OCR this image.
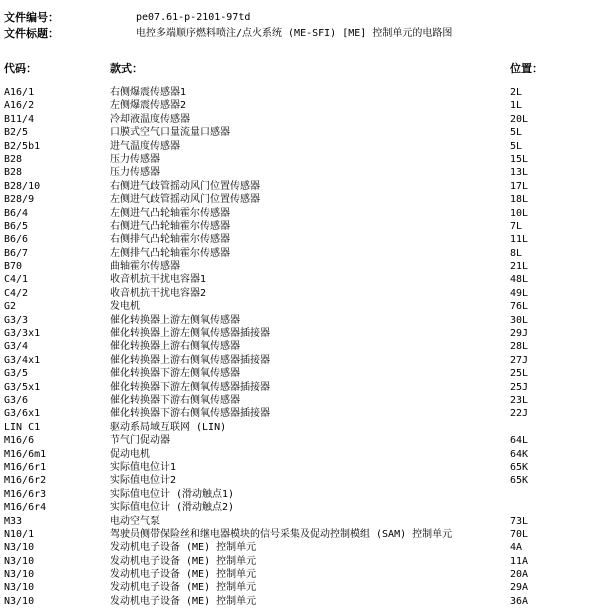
文件编号：	pe07.61-p-2101-97td
文件标题：	电控多端顺序燃料喷注/点火系统 (ME-SFI) [ME] 控制单元的电路图
代码：	款式：	位置：
A16/1	右侧爆震传感器1	2L
A16/2	左侧爆震传感器2	1L
B11/4	冷却液温度传感器	20L
B2/5	口膜式空气口量流量口感器	5L
B2/5b1	进气温度传感器	5L
B28	压力传感器	15L
B28	压力传感器	13L
B28/10	右侧进气歧管摇动风门位置传感器	17L
B28/9	左侧进气歧管摇动风门位置传感器	18L
B6/4	左侧进气凸轮轴霍尔传感器	10L
B6/5	右侧进气凸轮轴霍尔传感器	7L
B6/6	右侧排气凸轮轴霍尔传感器	11L
B6/7	左侧排气凸轮轴霍尔传感器	8L
B70	曲轴霍尔传感器	21L
C4/1	收音机抗干扰电容器1	48L
C4/2	收音机抗干扰电容器2	49L
G2	发电机	76L
G3/3	催化转换器上游左侧氧传感器	30L
G3/3x1	催化转换器上游左侧氧传感器插接器	29J
G3/4	催化转换器上游右侧氧传感器	28L
G3/4x1	催化转换器上游右侧氧传感器插接器	27J
G3/5	催化转换器下游左侧氧传感器	25L
G3/5x1	催化转换器下游左侧氧传感器插接器	25J
G3/6	催化转换器下游右侧氧传感器	23L
G3/6x1	催化转换器下游右侧氧传感器插接器	22J
LIN C1	驱动系局域互联网 (LIN)
M16/6	节气门促动器	64L
M16/6m1	促动电机	64K
M16/6r1	实际值电位计1	65K
M16/6r2	实际值电位计2	65K
M16/6r3	实际值电位计 (滑动触点1)
M16/6r4	实际值电位计 (滑动触点2)
M33	电动空气泵	73L
N10/1	驾驶员侧带保险丝和继电器模块的信号采集及促动控制模组 (SAM) 控制单元	70L
N3/10	发动机电子设备 (ME) 控制单元	4A
N3/10	发动机电子设备 (ME) 控制单元	11A
N3/10	发动机电子设备 (ME) 控制单元	20A
N3/10	发动机电子设备 (ME) 控制单元	29A
N3/10	发动机电子设备 (ME) 控制单元	36A
